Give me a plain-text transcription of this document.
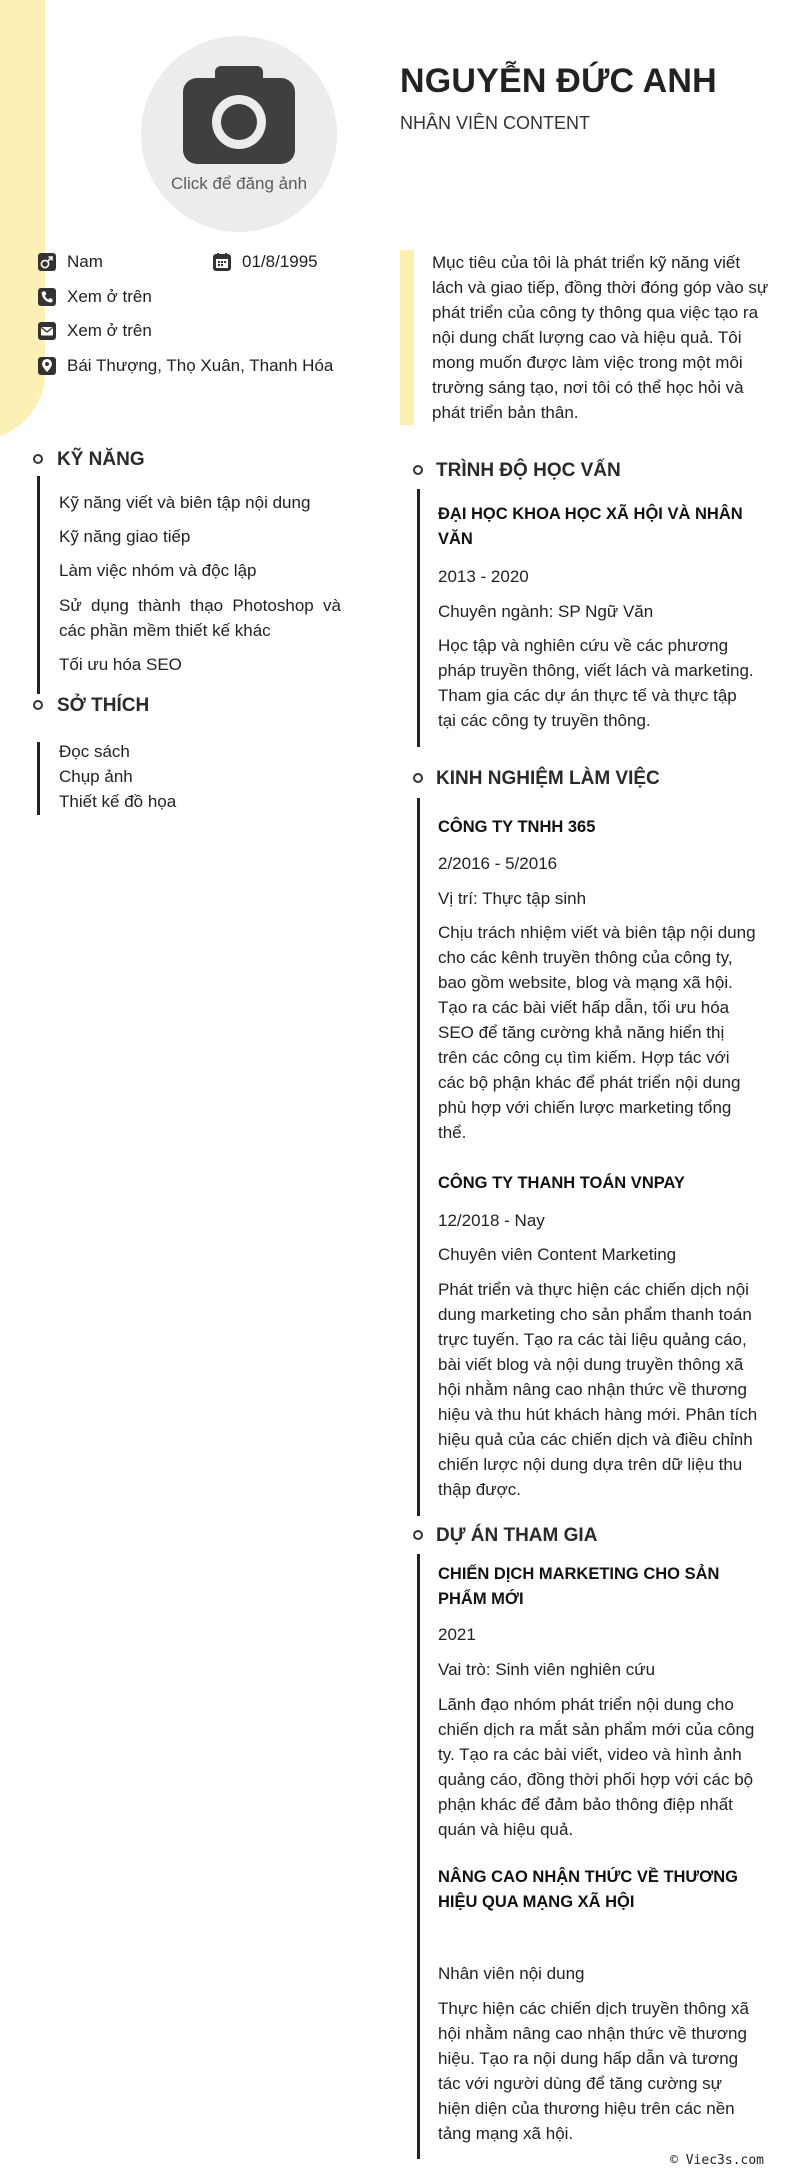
Click để đăng ảnh
NGUYỄN ĐỨC ANH
NHÂN VIÊN CONTENT
Nam	01/8/1995
Xem ở trên
Xem ở trên
Bái Thượng, Thọ Xuân, Thanh Hóa
Mục tiêu của tôi là phát triển kỹ năng viết lách và giao tiếp, đồng thời đóng góp vào sự phát triển của công ty thông qua việc tạo ra nội dung chất lượng cao và hiệu quả. Tôi mong muốn được làm việc trong một môi trường sáng tạo, nơi tôi có thể học hỏi và phát triển bản thân.
KỸ NĂNG
Kỹ năng viết và biên tập nội dung
Kỹ năng giao tiếp
Làm việc nhóm và độc lập
Sử dụng thành thạo Photoshop và các phần mềm thiết kế khác
Tối ưu hóa SEO
SỞ THÍCH
Đọc sách
Chụp ảnh
Thiết kế đồ họa
TRÌNH ĐỘ HỌC VẤN
ĐẠI HỌC KHOA HỌC XÃ HỘI VÀ NHÂN VĂN
2013 - 2020
Chuyên ngành: SP Ngữ Văn
Học tập và nghiên cứu về các phương pháp truyền thông, viết lách và marketing. Tham gia các dự án thực tế và thực tập tại các công ty truyền thông.
KINH NGHIỆM LÀM VIỆC
CÔNG TY TNHH 365
2/2016 - 5/2016
Vị trí: Thực tập sinh
Chịu trách nhiệm viết và biên tập nội dung cho các kênh truyền thông của công ty, bao gồm website, blog và mạng xã hội. Tạo ra các bài viết hấp dẫn, tối ưu hóa SEO để tăng cường khả năng hiển thị trên các công cụ tìm kiếm. Hợp tác với các bộ phận khác để phát triển nội dung phù hợp với chiến lược marketing tổng thể.
CÔNG TY THANH TOÁN VNPAY
12/2018 - Nay
Chuyên viên Content Marketing
Phát triển và thực hiện các chiến dịch nội dung marketing cho sản phẩm thanh toán trực tuyến. Tạo ra các tài liệu quảng cáo, bài viết blog và nội dung truyền thông xã hội nhằm nâng cao nhận thức về thương hiệu và thu hút khách hàng mới. Phân tích hiệu quả của các chiến dịch và điều chỉnh chiến lược nội dung dựa trên dữ liệu thu thập được.
DỰ ÁN THAM GIA
CHIẾN DỊCH MARKETING CHO SẢN PHẨM MỚI
2021
Vai trò: Sinh viên nghiên cứu
Lãnh đạo nhóm phát triển nội dung cho chiến dịch ra mắt sản phẩm mới của công ty. Tạo ra các bài viết, video và hình ảnh quảng cáo, đồng thời phối hợp với các bộ phận khác để đảm bảo thông điệp nhất quán và hiệu quả.
NÂNG CAO NHẬN THỨC VỀ THƯƠNG HIỆU QUA MẠNG XÃ HỘI
Nhân viên nội dung
Thực hiện các chiến dịch truyền thông xã hội nhằm nâng cao nhận thức về thương hiệu. Tạo ra nội dung hấp dẫn và tương tác với người dùng để tăng cường sự hiện diện của thương hiệu trên các nền tảng mạng xã hội.
© Viec3s.com
